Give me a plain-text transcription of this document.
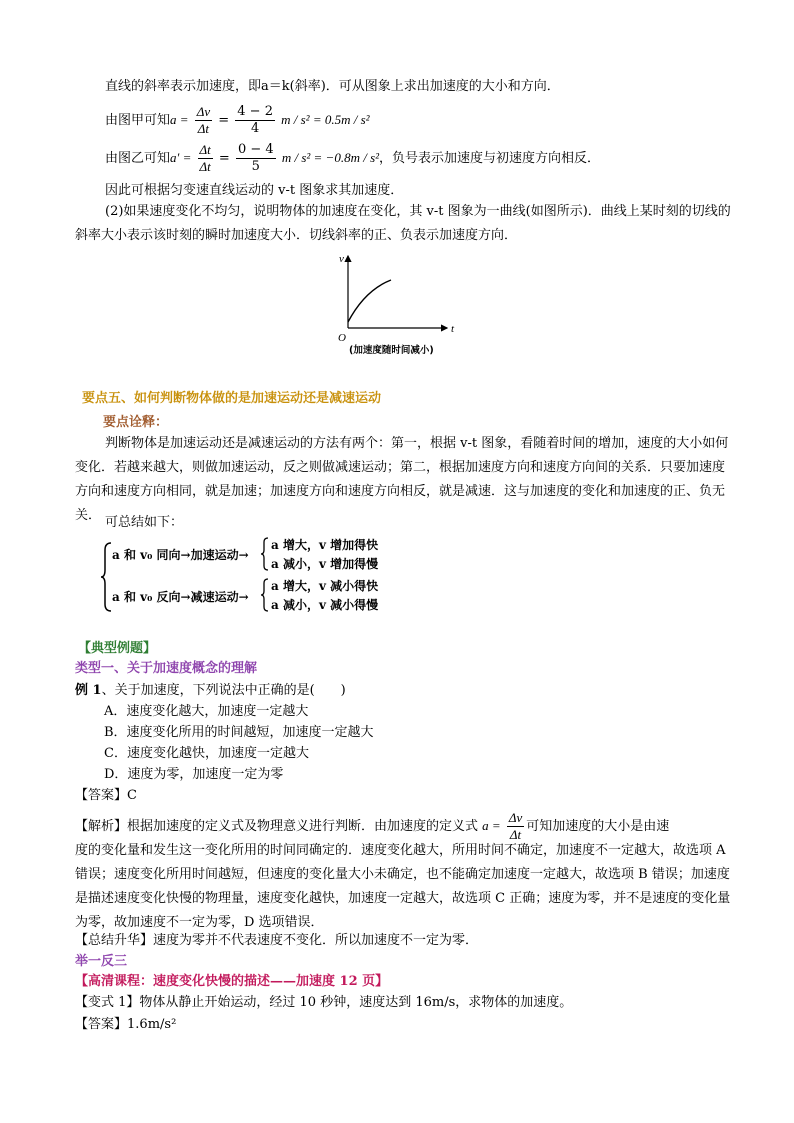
直线的斜率表示加速度，即a＝k(斜率)．可从图象上求出加速度的大小和方向．
由图甲可知$a = \frac{\Delta v}{\Delta t} = \frac{4 - 2}{4}$ m / s² = 0.5m / s²
由图乙可知$a' = \frac{\Delta t}{\Delta t} = \frac{0 - 4}{5}$ m / s² = −0.8m / s²，负号表示加速度与初速度方向相反．
因此可根据匀变速直线运动的 v-t 图象求其加速度．
(2)如果速度变化不均匀，说明物体的加速度在变化，其 v-t 图象为一曲线(如图所示)．曲线上某时刻的切线的斜率大小表示该时刻的瞬时加速度大小．切线斜率的正、负表示加速度方向．
v
t
O
(加速度随时间减小)
要点五、如何判断物体做的是加速运动还是减速运动
要点诠释：
判断物体是加速运动还是减速运动的方法有两个：第一，根据 v-t 图象，看随着时间的增加，速度的大小如何变化．若越来越大，则做加速运动，反之则做减速运动；第二，根据加速度方向和速度方向间的关系．只要加速度方向和速度方向相同，就是加速；加速度方向和速度方向相反，就是减速．这与加速度的变化和加速度的正、负无关． 可总结如下：
a 和 v₀ 同向→加速运动→
a 增大，v 增加得快
a 减小，v 增加得慢
a 和 v₀ 反向→减速运动→
a 增大，v 减小得快
a 减小，v 减小得慢
【典型例题】
类型一、关于加速度概念的理解
例 1、关于加速度，下列说法中正确的是(　　)
A．速度变化越大，加速度一定越大
B．速度变化所用的时间越短，加速度一定越大
C．速度变化越快，加速度一定越大
D．速度为零，加速度一定为零
【答案】C
【解析】根据加速度的定义式及物理意义进行判断．由加速度的定义式 $a = \frac{\Delta v}{\Delta t}$ 可知加速度的大小是由速
度的变化量和发生这一变化所用的时间同确定的．速度变化越大，所用时间不确定，加速度不一定越大，故选项 A 错误；速度变化所用时间越短，但速度的变化量大小未确定，也不能确定加速度一定越大，故选项 B 错误；加速度是描述速度变化快慢的物理量，速度变化越快，加速度一定越大，故选项 C 正确；速度为零，并不是速度的变化量为零，故加速度不一定为零，D 选项错误．
【总结升华】速度为零并不代表速度不变化．所以加速度不一定为零．
举一反三
【高清课程：速度变化快慢的描述——加速度 12 页】
【变式 1】物体从静止开始运动，经过 10 秒钟，速度达到 16m/s，求物体的加速度。
【答案】1.6m/s²
